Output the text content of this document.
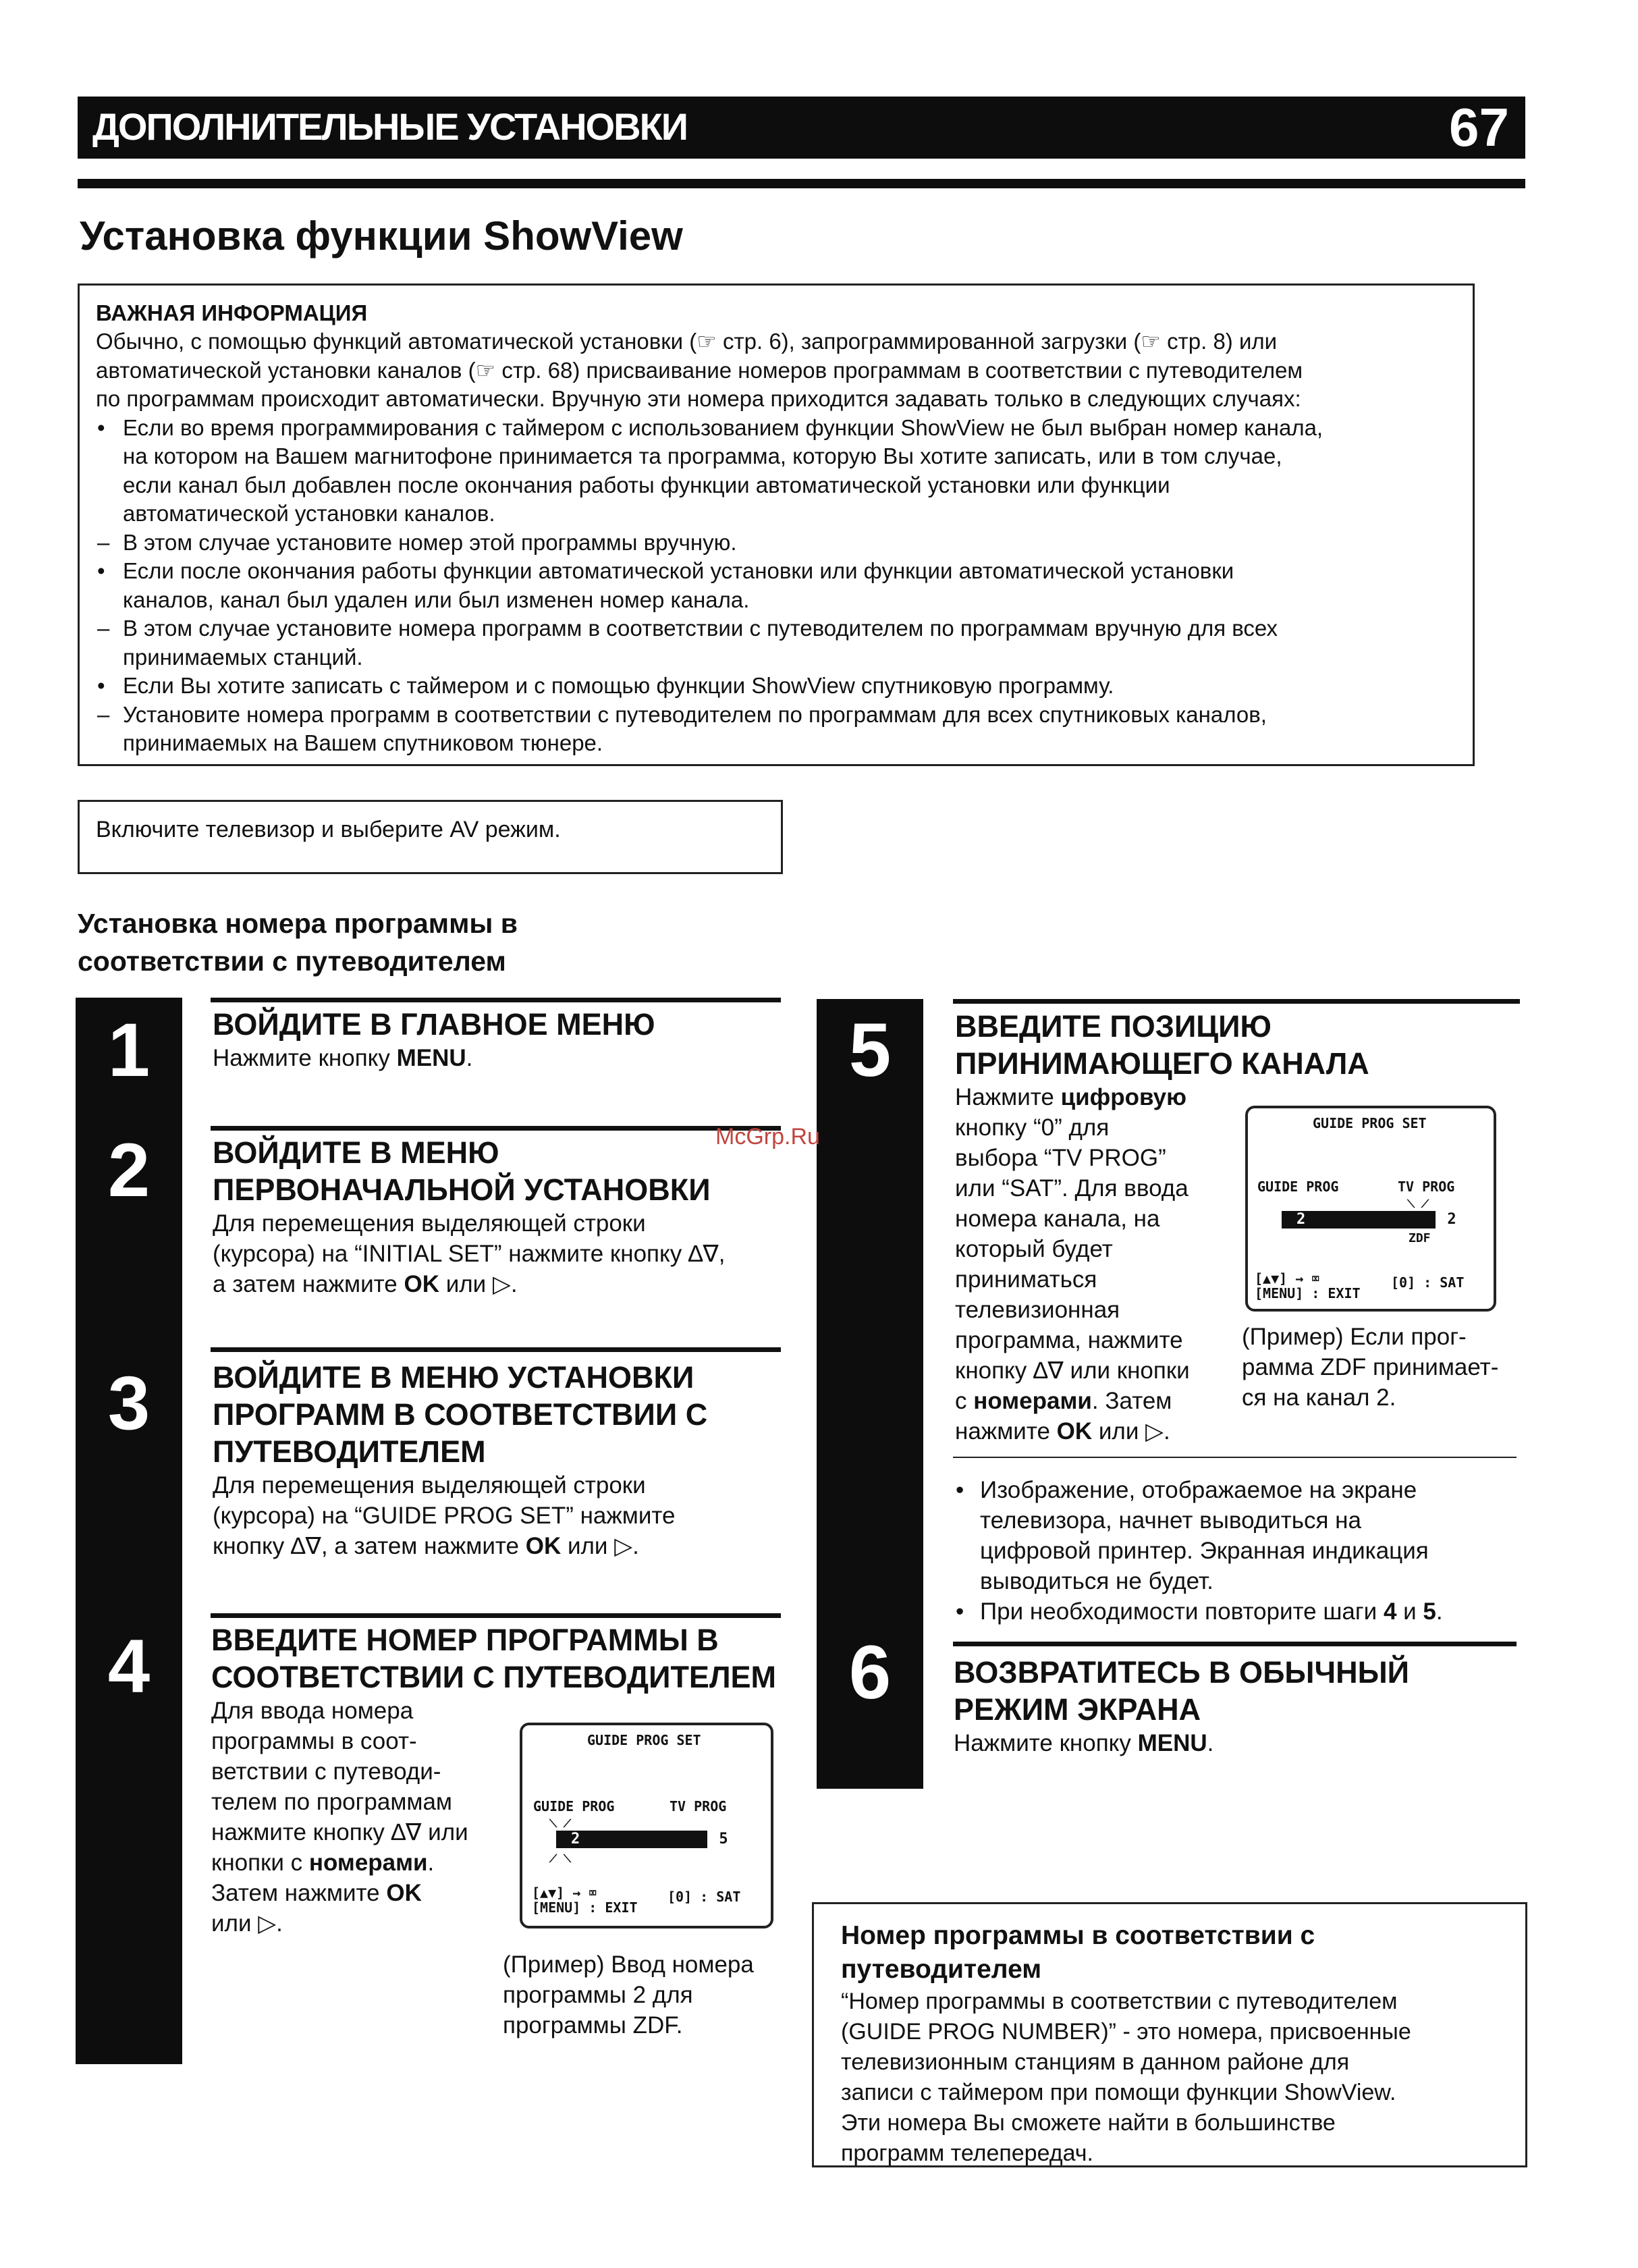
ДОПОЛНИТЕЛЬНЫЕ УСТАНОВКИ	67
Установка функции ShowView
ВАЖНАЯ ИНФОРМАЦИЯ
Обычно, с помощью функций автоматической установки (☞ стр. 6), запрограммированной загрузки (☞ стр. 8) или
автоматической установки каналов (☞ стр. 68) присваивание номеров программам в соответствии с путеводителем
по программам происходит автоматически. Вручную эти номера приходится задавать только в следующих случаях:
• Если во время программирования с таймером с использованием функции ShowView не был выбран номер канала,
на котором на Вашем магнитофоне принимается та программа, которую Вы хотите записать, или в том случае,
если канал был добавлен после окончания работы функции автоматической установки или функции
автоматической установки каналов.
– В этом случае установите номер этой программы вручную.
• Если после окончания работы функции автоматической установки или функции автоматической установки
каналов, канал был удален или был изменен номер канала.
– В этом случае установите номера программ в соответствии с путеводителем по программам вручную для всех
принимаемых станций.
• Если Вы хотите записать с таймером и с помощью функции ShowView спутниковую программу.
– Установите номера программ в соответствии с путеводителем по программам для всех спутниковых каналов,
принимаемых на Вашем спутниковом тюнере.
Включите телевизор и выберите AV режим.
Установка номера программы в
соответствии с путеводителем
1
2
3
4
5
6
ВОЙДИТЕ В ГЛАВНОЕ МЕНЮ
Нажмите кнопку MENU.
ВОЙДИТЕ В МЕНЮ
ПЕРВОНАЧАЛЬНОЙ УСТАНОВКИ
Для перемещения выделяющей строки
(курсора) на “INITIAL SET” нажмите кнопку ∆∇,
а затем нажмите OK или ▷.
ВОЙДИТЕ В МЕНЮ УСТАНОВКИ
ПРОГРАММ В СООТВЕТСТВИИ С
ПУТЕВОДИТЕЛЕМ
Для перемещения выделяющей строки
(курсора) на “GUIDE PROG SET” нажмите
кнопку ∆∇, а затем нажмите OK или ▷.
ВВЕДИТЕ НОМЕР ПРОГРАММЫ В
СООТВЕТСТВИИ С ПУТЕВОДИТЕЛЕМ
Для ввода номера
программы в соот-
ветствии с путеводи-
телем по программам
нажмите кнопку ∆∇ или
кнопки с номерами.
Затем нажмите OK
или ▷.
GUIDE PROG SET
GUIDE PROG	TV PROG
⟍ ⟋
2	5
⟋ ⟍
[▲▼] → ⌧
[MENU] : EXIT
[0] : SAT
(Пример) Ввод номера
программы 2 для
программы ZDF.
ВВЕДИТЕ ПОЗИЦИЮ
ПРИНИМАЮЩЕГО КАНАЛА
Нажмите цифровую
кнопку “0” для
выбора “TV PROG”
или “SAT”. Для ввода
номера канала, на
который будет
приниматься
телевизионная
программа, нажмите
кнопку ∆∇ или кнопки
с номерами. Затем
нажмите OK или ▷.
GUIDE PROG SET
GUIDE PROG	TV PROG
⟍ ⟋
2	2
ZDF
[▲▼] → ⌧
[MENU] : EXIT
[0] : SAT
(Пример) Если прог-
рамма ZDF принимает-
ся на канал 2.
• Изображение, отображаемое на экране
телевизора, начнет выводиться на
цифровой принтер. Экранная индикация
выводиться не будет.
• При необходимости повторите шаги 4 и 5.
ВОЗВРАТИТЕСЬ В ОБЫЧНЫЙ
РЕЖИМ ЭКРАНА
Нажмите кнопку MENU.
Номер программы в соответствии с
путеводителем
“Номер программы в соответствии с путеводителем
(GUIDE PROG NUMBER)” - это номера, присвоенные
телевизионным станциям в данном районе для
записи с таймером при помощи функции ShowView.
Эти номера Вы сможете найти в большинстве
программ телепередач.
McGrp.Ru
